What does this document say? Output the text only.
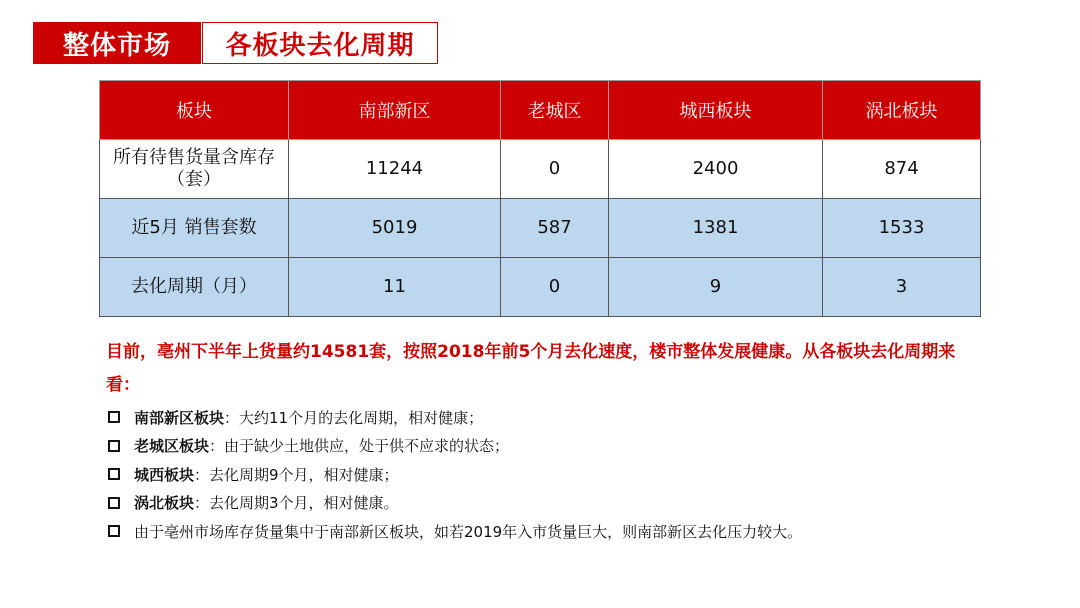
整体市场	各板块去化周期
板块	南部新区	老城区	城西板块	涡北板块
所有待售货量含库存（套）	11244	0	2400	874
近5月 销售套数	5019	587	1381	1533
去化周期（月）	11	0	9	3
目前，亳州下半年上货量约14581套，按照2018年前5个月去化速度，楼市整体发展健康。从各板块去化周期来看：
南部新区板块 ：大约11个月的去化周期，相对健康；
老城区板块 ：由于缺少土地供应，处于供不应求的状态；
城西板块 ：去化周期9个月，相对健康；
涡北板块 ：去化周期3个月，相对健康。
由于亳州市场库存货量集中于南部新区板块，如若2019年入市货量巨大，则南部新区去化压力较大。
